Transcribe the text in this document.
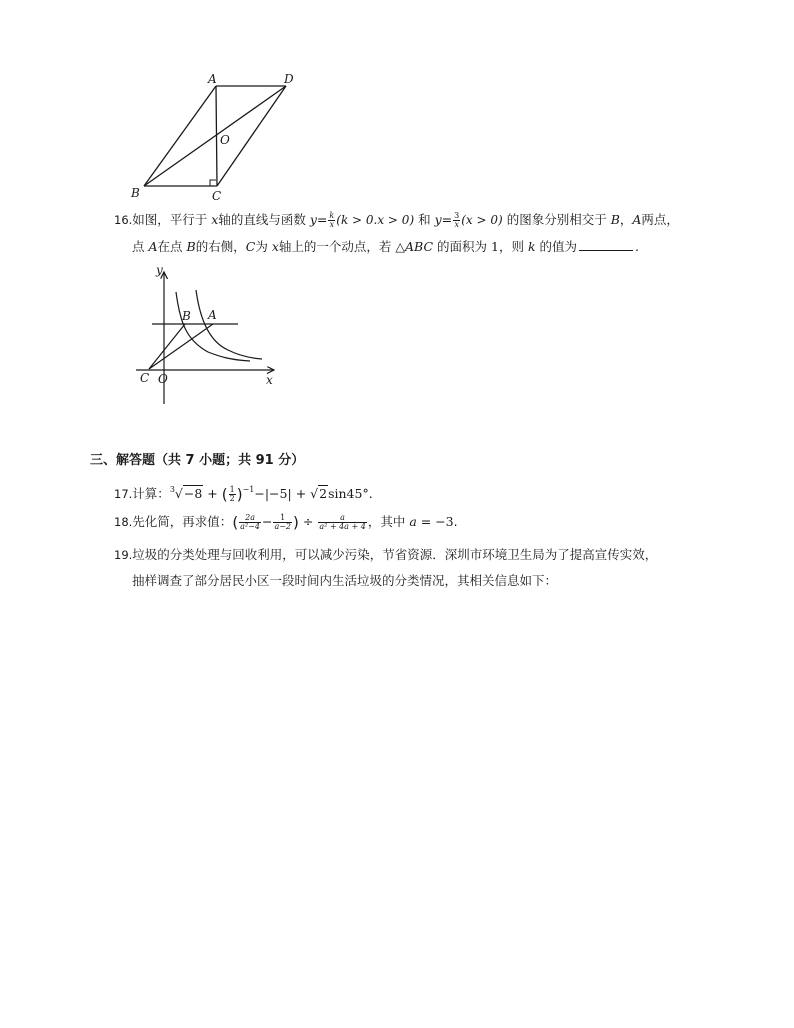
A	D
O
B	C
16.如图，平行于 x轴的直线与函数 $y= \frac{k}{x} (k > 0.x > 0)$ 和 $y= \frac{3}{x} (x > 0)$ 的图象分别相交于 B，A两点，
点 A在点 B的右侧，C为 x轴上的一个动点，若 △ABC 的面积为 1，则 k 的值为	.
y
x
B A
C O
三、解答题（共 7 小题；共 91 分）
17.计算：$^3$√−8 + ( $\frac{1}{2} )^{-1}-|-5| + √2\sin 45^\circ$.
18.先化简，再求值：( $\frac{2a}{\text{a²−4}} - \frac{1}{a-2}$ ) ÷ $\frac{a}{\text{a² + 4a + 4}}$ ，其中 a = −3.
19.垃圾的分类处理与回收利用，可以减少污染，节省资源．深圳市环境卫生局为了提高宣传实效，
抽样调查了部分居民小区一段时间内生活垃圾的分类情况，其相关信息如下：
